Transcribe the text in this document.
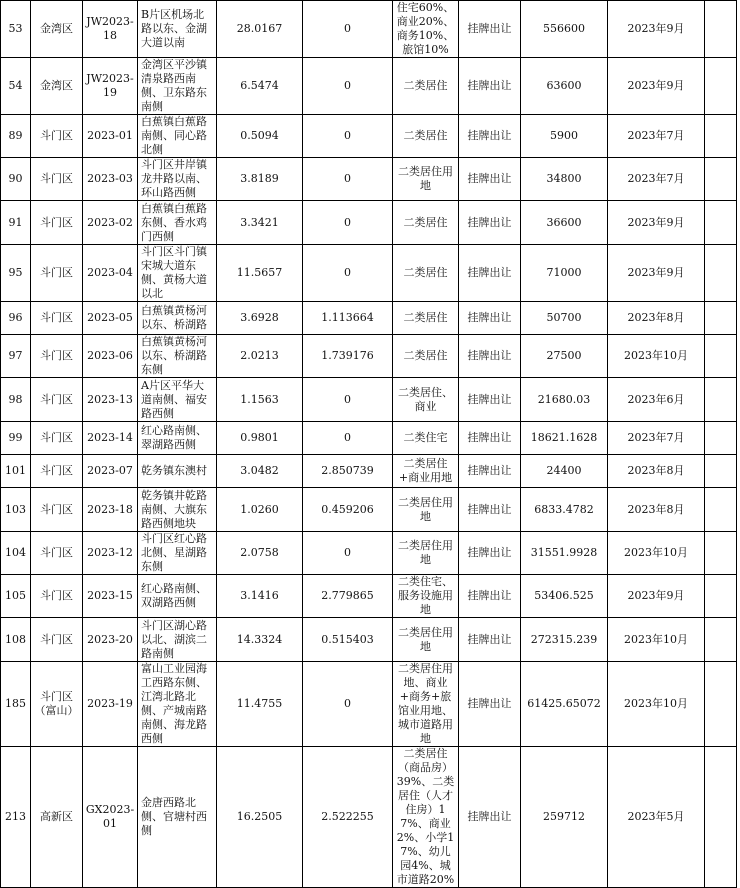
53	金湾区	JW2023-18	B片区机场北路以东、金湖大道以南	28.0167	0	住宅60%、商业20%、商务10%、旅馆10%	挂牌出让	556600	2023年9月	
54	金湾区	JW2023-19	金湾区平沙镇清泉路西南侧、卫东路东南侧	6.5474	0	二类居住	挂牌出让	63600	2023年9月	
89	斗门区	2023-01	白蕉镇白蕉路南侧、同心路北侧	0.5094	0	二类居住	挂牌出让	5900	2023年7月	
90	斗门区	2023-03	斗门区井岸镇龙井路以南、环山路西侧	3.8189	0	二类居住用地	挂牌出让	34800	2023年7月	
91	斗门区	2023-02	白蕉镇白蕉路东侧、香水鸡门西侧	3.3421	0	二类居住	挂牌出让	36600	2023年9月	
95	斗门区	2023-04	斗门区斗门镇宋城大道东侧、黄杨大道以北	11.5657	0	二类居住	挂牌出让	71000	2023年9月	
96	斗门区	2023-05	白蕉镇黄杨河以东、桥湖路	3.6928	1.113664	二类居住	挂牌出让	50700	2023年8月	
97	斗门区	2023-06	白蕉镇黄杨河以东、桥湖路东侧	2.0213	1.739176	二类居住	挂牌出让	27500	2023年10月	
98	斗门区	2023-13	A片区平华大道南侧、福安路西侧	1.1563	0	二类居住、商业	挂牌出让	21680.03	2023年6月	
99	斗门区	2023-14	红心路南侧、翠湖路西侧	0.9801	0	二类住宅	挂牌出让	18621.1628	2023年7月	
101	斗门区	2023-07	乾务镇东澳村	3.0482	2.850739	二类居住+商业用地	挂牌出让	24400	2023年8月	
103	斗门区	2023-18	乾务镇井乾路南侧、大旗东路西侧地块	1.0260	0.459206	二类居住用地	挂牌出让	6833.4782	2023年8月	
104	斗门区	2023-12	斗门区红心路北侧、星湖路东侧	2.0758	0	二类居住用地	挂牌出让	31551.9928	2023年10月	
105	斗门区	2023-15	红心路南侧、双湖路西侧	3.1416	2.779865	二类住宅、服务设施用地	挂牌出让	53406.525	2023年9月	
108	斗门区	2023-20	斗门区湖心路以北、湖滨二路南侧	14.3324	0.515403	二类居住用地	挂牌出让	272315.239	2023年10月	
185	斗门区（富山）	2023-19	富山工业园海工西路东侧、江湾北路北侧、产城南路南侧、海龙路西侧	11.4755	0	二类居住用地、商业+商务+旅馆业用地、城市道路用地	挂牌出让	61425.65072	2023年10月	
213	高新区	GX2023-01	金唐西路北侧、官塘村西侧	16.2505	2.522255	二类居住（商品房）39%、二类居住（人才住房）17%、商业2%、小学17%、幼儿园4%、城市道路20%	挂牌出让	259712	2023年5月	
